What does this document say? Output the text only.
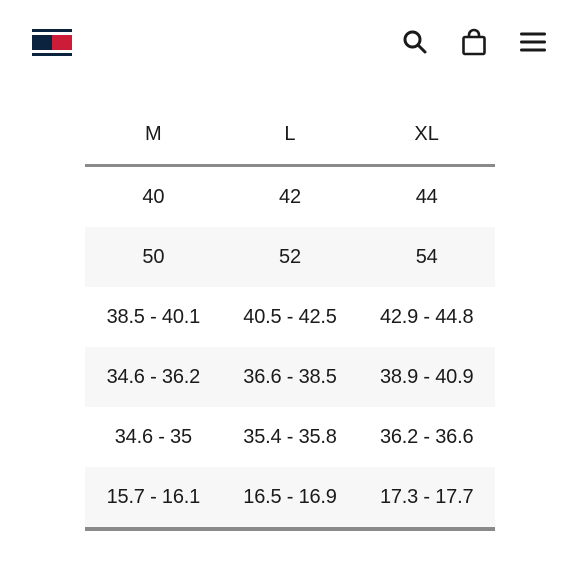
M	L	XL
40	42	44
50	52	54
38.5 - 40.1	40.5 - 42.5	42.9 - 44.8
34.6 - 36.2	36.6 - 38.5	38.9 - 40.9
34.6 - 35	35.4 - 35.8	36.2 - 36.6
15.7 - 16.1	16.5 - 16.9	17.3 - 17.7
